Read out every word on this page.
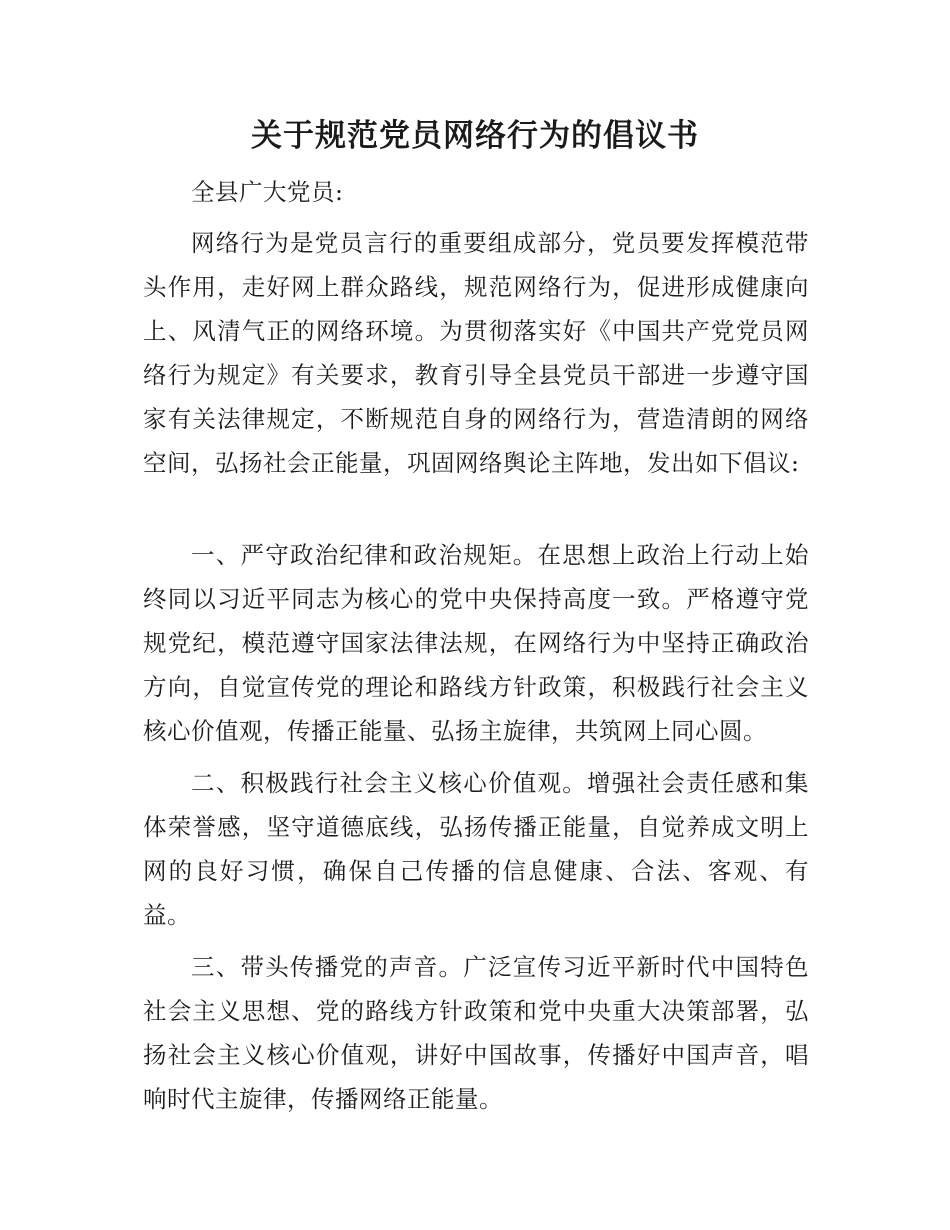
关于规范党员网络行为的倡议书

全县广大党员:

网络行为是党员言行的重要组成部分，党员要发挥模范带头作用，走好网上群众路线，规范网络行为，促进形成健康向上、风清气正的网络环境。为贯彻落实好《中国共产党党员网络行为规定》有关要求，教育引导全县党员干部进一步遵守国家有关法律规定，不断规范自身的网络行为，营造清朗的网络空间，弘扬社会正能量，巩固网络舆论主阵地，发出如下倡议:

一、严守政治纪律和政治规矩。在思想上政治上行动上始终同以习近平同志为核心的党中央保持高度一致。严格遵守党规党纪，模范遵守国家法律法规，在网络行为中坚持正确政治方向，自觉宣传党的理论和路线方针政策，积极践行社会主义核心价值观，传播正能量、弘扬主旋律，共筑网上同心圆。

二、积极践行社会主义核心价值观。增强社会责任感和集体荣誉感，坚守道德底线，弘扬传播正能量，自觉养成文明上网的良好习惯，确保自己传播的信息健康、合法、客观、有益。

三、带头传播党的声音。广泛宣传习近平新时代中国特色社会主义思想、党的路线方针政策和党中央重大决策部署，弘扬社会主义核心价值观，讲好中国故事，传播好中国声音，唱响时代主旋律，传播网络正能量。
